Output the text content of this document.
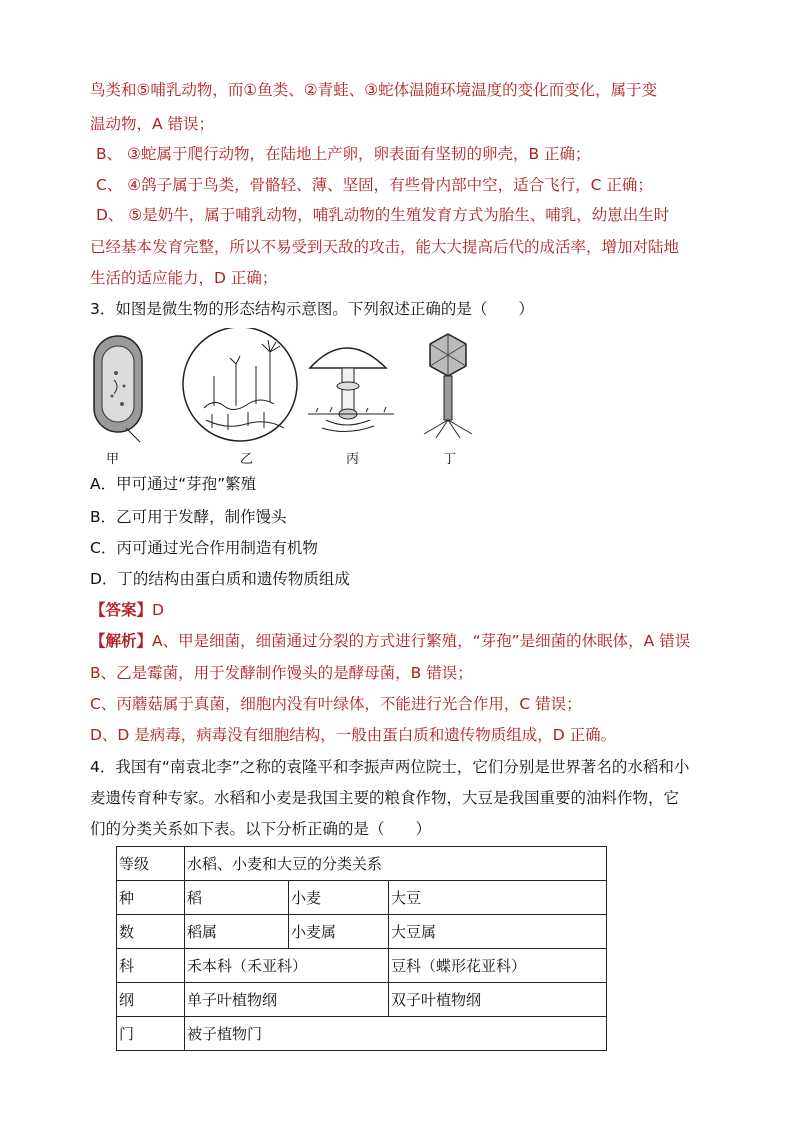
鸟类和⑤哺乳动物，而①鱼类、②青蛙、③蛇体温随环境温度的变化而变化，属于变
温动物，A 错误；
B、 ③蛇属于爬行动物，在陆地上产卵，卵表面有坚韧的卵壳，B 正确；
C、 ④鸽子属于鸟类，骨骼轻、薄、坚固，有些骨内部中空，适合飞行，C 正确；
D、 ⑤是奶牛，属于哺乳动物，哺乳动物的生殖发育方式为胎生、哺乳，幼崽出生时
已经基本发育完整，所以不易受到天敌的攻击，能大大提高后代的成活率，增加对陆地
生活的适应能力，D 正确；
3．如图是微生物的形态结构示意图。下列叙述正确的是（　　）
甲	乙	丙	丁
A．甲可通过“芽孢”繁殖
B．乙可用于发酵，制作馒头
C．丙可通过光合作用制造有机物
D．丁的结构由蛋白质和遗传物质组成
【答案】D
【解析】A、甲是细菌，细菌通过分裂的方式进行繁殖，“芽孢”是细菌的休眠体，A 错误
B、乙是霉菌，用于发酵制作馒头的是酵母菌，B 错误；
C、丙蘑菇属于真菌，细胞内没有叶绿体，不能进行光合作用，C 错误；
D、D 是病毒，病毒没有细胞结构，一般由蛋白质和遗传物质组成，D 正确。
4．我国有“南袁北李”之称的袁隆平和李振声两位院士，它们分别是世界著名的水稻和小
麦遗传育种专家。水稻和小麦是我国主要的粮食作物，大豆是我国重要的油料作物，它
们的分类关系如下表。以下分析正确的是（　　）
等级	水稻、小麦和大豆的分类关系		
种	稻	小麦	大豆
数	稻属	小麦属	大豆属
科	禾本科（禾亚科）		豆科（蝶形花亚科）
纲	单子叶植物纲		双子叶植物纲
门	被子植物门		
